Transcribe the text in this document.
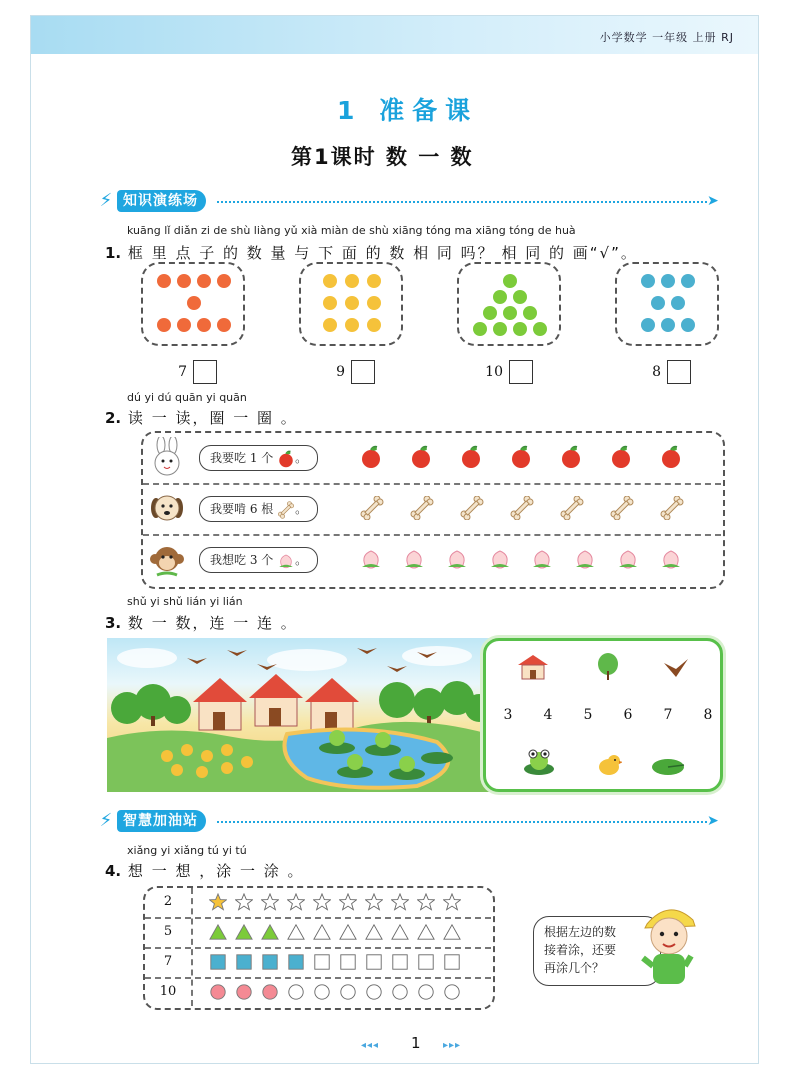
小学数学 一年级 上册 RJ
1 准备课
第1课时 数 一 数
⚡ 知识演练场	➤
kuāng lǐ diǎn zi de shù liàng yǔ xià miàn de shù xiāng tóng ma xiāng tóng de huà
1. 框 里 点 子 的 数 量 与 下 面 的 数 相 同 吗？ 相 同 的 画“√”。
7	9	10	8
dú yi dú quān yi quān
2. 读 一 读，圈 一 圈 。
我要吃 1 个 。
我要啃 6 根 。
我想吃 3 个 。
shǔ yi shǔ lián yi lián
3. 数 一 数，连 一 连 。
3 4 5 6 7 8
⚡ 智慧加油站	➤
xiǎng yi xiǎng tú yi tú
4. 想 一 想 ，涂 一 涂 。
2
5
7
10
根据左边的数
接着涂，还要
再涂几个？
◂◂◂ 1 ▸▸▸
